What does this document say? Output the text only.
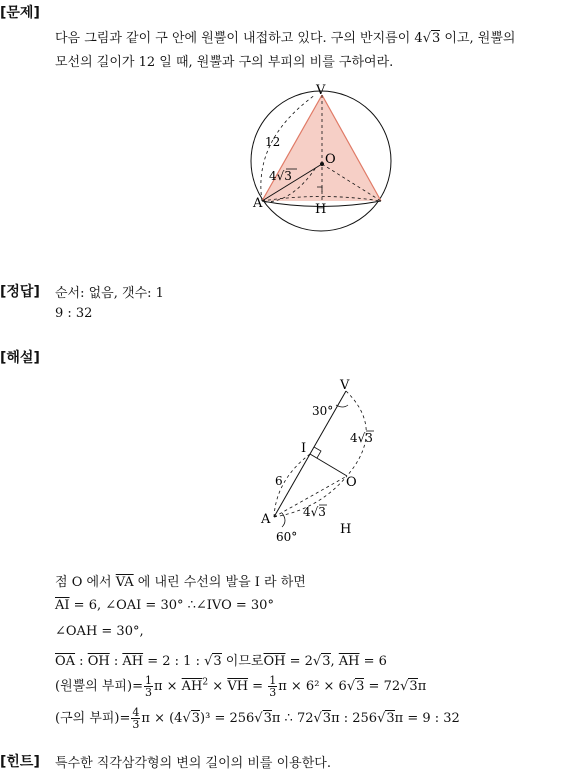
[문제]
다음 그림과 같이 구 안에 원뿔이 내접하고 있다. 구의 반지름이 4√3 이고, 원뿔의
모선의 길이가 12 일 때, 원뿔과 구의 부피의 비를 구하여라.
V
O
A	H
12
4√3
[정답] 순서: 없음, 갯수: 1
9 : 32
[해설]
V
I
O
A
H
30°
60°
6
4√3
4√3
점 O 에서 $\overline{VA}$ 에 내린 수선의 발을 I 라 하면
$\overline{AI} = 6$, ∠OAI = 30° ∴∠IVO = 30°
∠OAH = 30°,
$\overline{OA}$ : $\overline{OH}$ : $\overline{AH} = 2$ : 1 : √3 이므로$\overline{OH} = 2√3$, $\overline{AH} = 6$
(원뿔의 부피)= $\frac{1}{3}$ $\pi \times \overline{AH}^2 \times \overline{VH} = \frac{1}{3}$ π × 6² × 6√3 = 72√3π
(구의 부피)= $\frac{4}{3}$ π × (4√3)³ = 256√3π ∴ 72√3π : 256√3π = 9 : 32
[힌트] 특수한 직각삼각형의 변의 길이의 비를 이용한다.
